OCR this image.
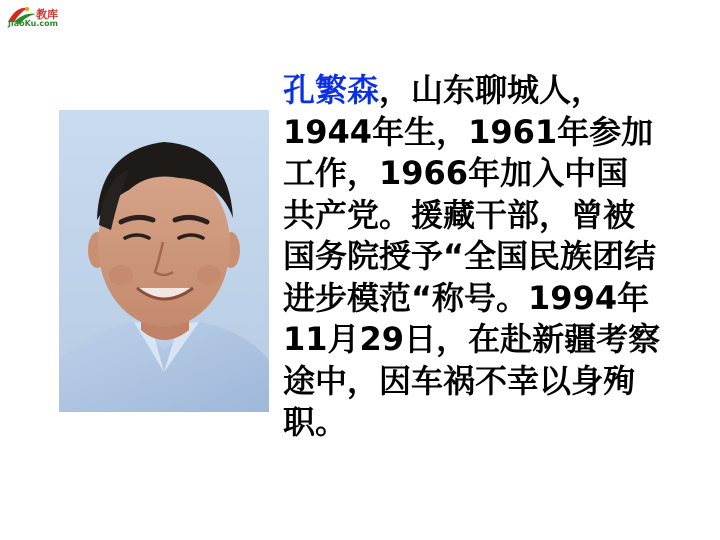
教库
JiaoKu.com
孔繁森，山东聊城人，
1944年生，1961年参加
工作，1966年加入中国
共产党。援藏干部，曾被
国务院授予“全国民族团结
进步模范“称号。1994年
11月29日，在赴新疆考察
途中，因车祸不幸以身殉
职。
